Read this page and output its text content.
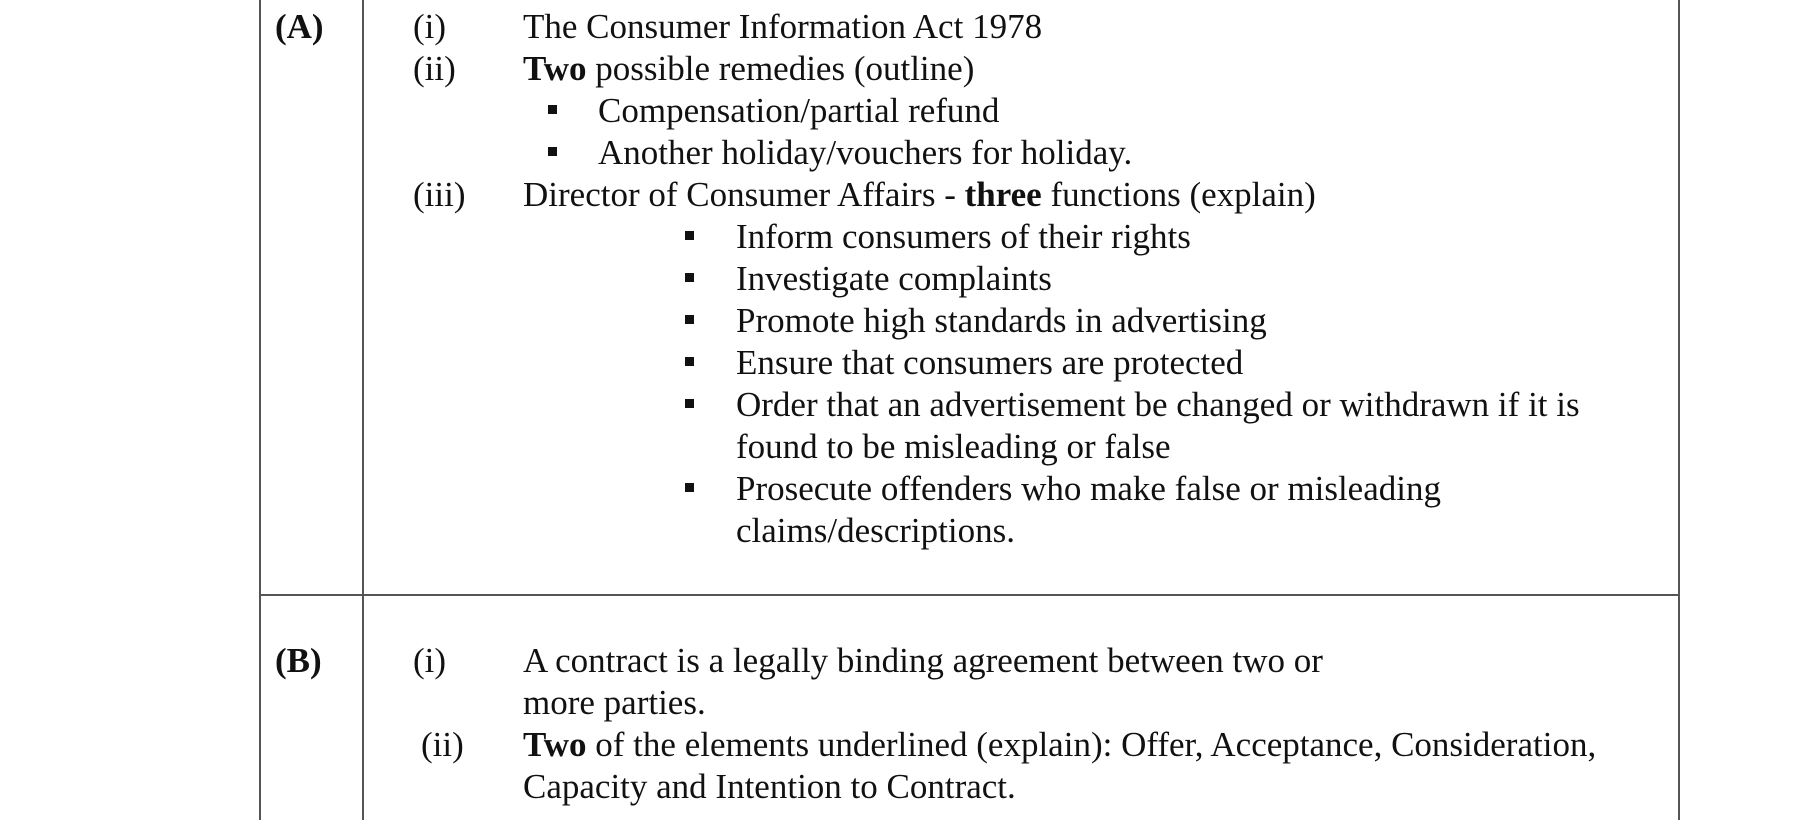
(A)	(i) The Consumer Information Act 1978
(ii) Two possible remedies (outline)
Compensation/partial refund
Another holiday/vouchers for holiday.
(iii) Director of Consumer Affairs - three functions (explain)
Inform consumers of their rights
Investigate complaints
Promote high standards in advertising
Ensure that consumers are protected
Order that an advertisement be changed or withdrawn if it is
found to be misleading or false
Prosecute offenders who make false or misleading
claims/descriptions.
(B)	(i) A contract is a legally binding agreement between two or
more parties.
(ii) Two of the elements underlined (explain): Offer, Acceptance, Consideration,
Capacity and Intention to Contract.
